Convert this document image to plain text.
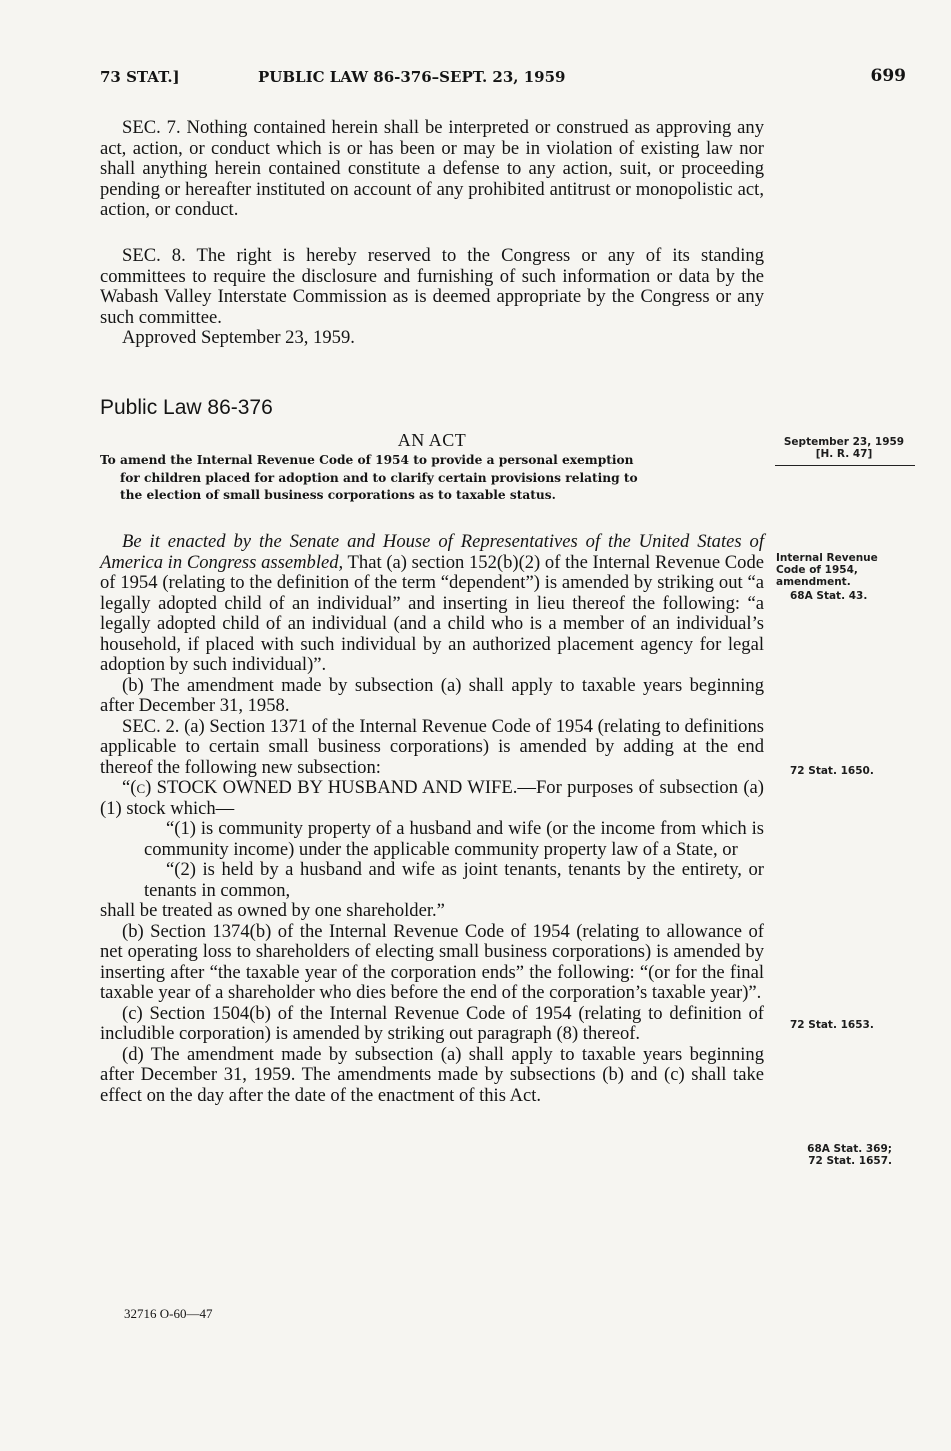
73 STAT.]	PUBLIC LAW 86-376–SEPT. 23, 1959	699

SEC. 7. Nothing contained herein shall be interpreted or construed as approving any act, action, or conduct which is or has been or may be in violation of existing law nor shall anything herein contained constitute a defense to any action, suit, or proceeding pending or hereafter instituted on account of any prohibited antitrust or monopolistic act, action, or conduct.

SEC. 8. The right is hereby reserved to the Congress or any of its standing committees to require the disclosure and furnishing of such information or data by the Wabash Valley Interstate Commission as is deemed appropriate by the Congress or any such committee.

Approved September 23, 1959.

Public Law 86-376
AN ACT
To amend the Internal Revenue Code of 1954 to provide a personal exemption
for children placed for adoption and to clarify certain provisions relating to
the election of small business corporations as to taxable status.

Be it enacted by the Senate and House of Representatives of the United States of America in Congress assembled, That (a) section 152(b)(2) of the Internal Revenue Code of 1954 (relating to the definition of the term “dependent”) is amended by striking out “a legally adopted child of an individual” and inserting in lieu thereof the following: “a legally adopted child of an individual (and a child who is a member of an individual’s household, if placed with such individual by an authorized placement agency for legal adoption by such individual)”.

(b) The amendment made by subsection (a) shall apply to taxable years beginning after December 31, 1958.

SEC. 2. (a) Section 1371 of the Internal Revenue Code of 1954 (relating to definitions applicable to certain small business corporations) is amended by adding at the end thereof the following new subsection:

“(c) STOCK OWNED BY HUSBAND AND WIFE.—For purposes of subsection (a)(1) stock which—

“(1) is community property of a husband and wife (or the income from which is community income) under the applicable community property law of a State, or

“(2) is held by a husband and wife as joint tenants, tenants by the entirety, or tenants in common,

shall be treated as owned by one shareholder.”

(b) Section 1374(b) of the Internal Revenue Code of 1954 (relating to allowance of net operating loss to shareholders of electing small business corporations) is amended by inserting after “the taxable year of the corporation ends” the following: “(or for the final taxable year of a shareholder who dies before the end of the corporation’s taxable year)”.

(c) Section 1504(b) of the Internal Revenue Code of 1954 (relating to definition of includible corporation) is amended by striking out paragraph (8) thereof.

(d) The amendment made by subsection (a) shall apply to taxable years beginning after December 31, 1959. The amendments made by subsections (b) and (c) shall take effect on the day after the date of the enactment of this Act.

September 23, 1959
[H. R. 47]
Internal Revenue
Code of 1954,
amendment.
68A Stat. 43.
72 Stat. 1650.
72 Stat. 1653.
68A Stat. 369;
72 Stat. 1657.
32716 O-60—47
